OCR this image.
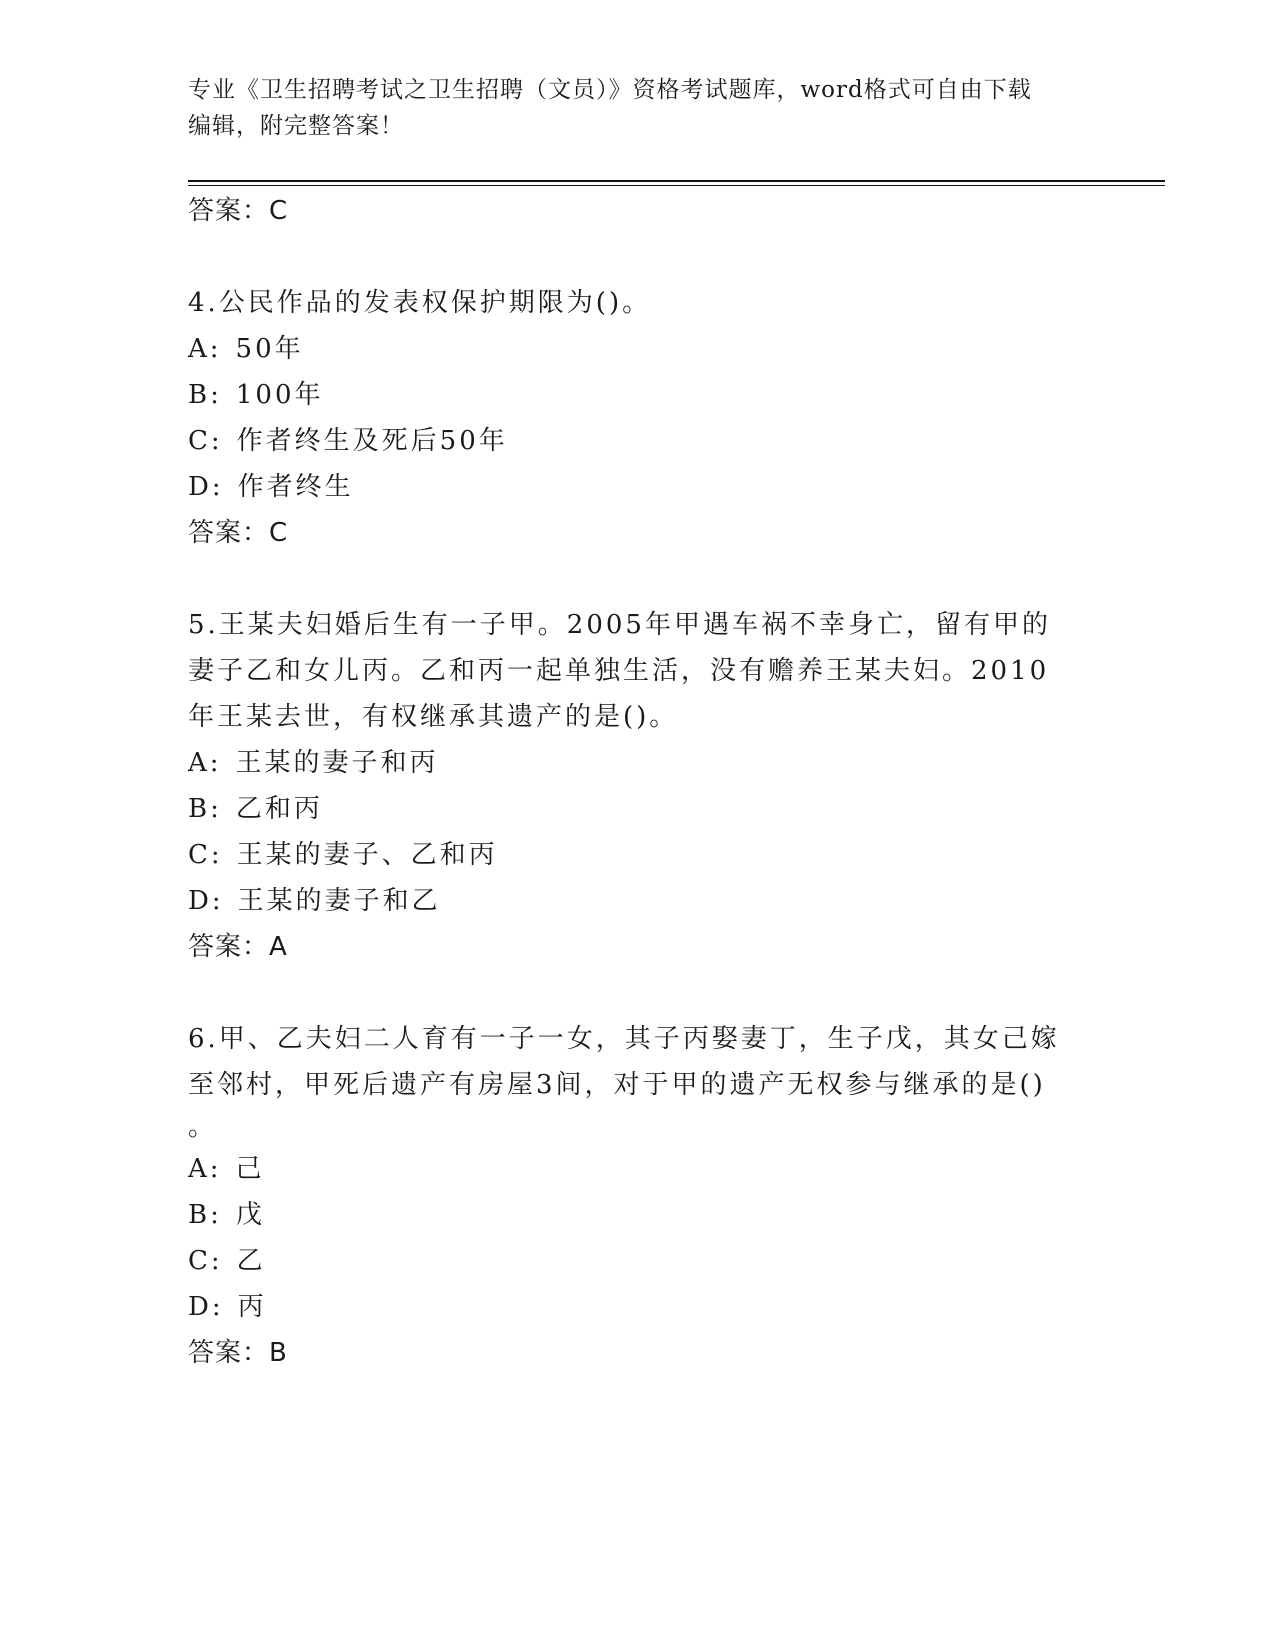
专业《卫生招聘考试之卫生招聘（文员）》资格考试题库，word格式可自由下载
编辑，附完整答案！
答案：C
4.公民作品的发表权保护期限为()。
A: 50年
B: 100年
C: 作者终生及死后50年
D: 作者终生
答案：C
5.王某夫妇婚后生有一子甲。2005年甲遇车祸不幸身亡，留有甲的妻子乙和女儿丙。乙和丙一起单独生活，没有赡养王某夫妇。2010年王某去世，有权继承其遗产的是()。
A: 王某的妻子和丙
B: 乙和丙
C: 王某的妻子、乙和丙
D: 王某的妻子和乙
答案：A
6.甲、乙夫妇二人育有一子一女，其子丙娶妻丁，生子戊，其女己嫁至邻村，甲死后遗产有房屋3间，对于甲的遗产无权参与继承的是()
。
A: 己
B: 戊
C: 乙
D: 丙
答案：B
